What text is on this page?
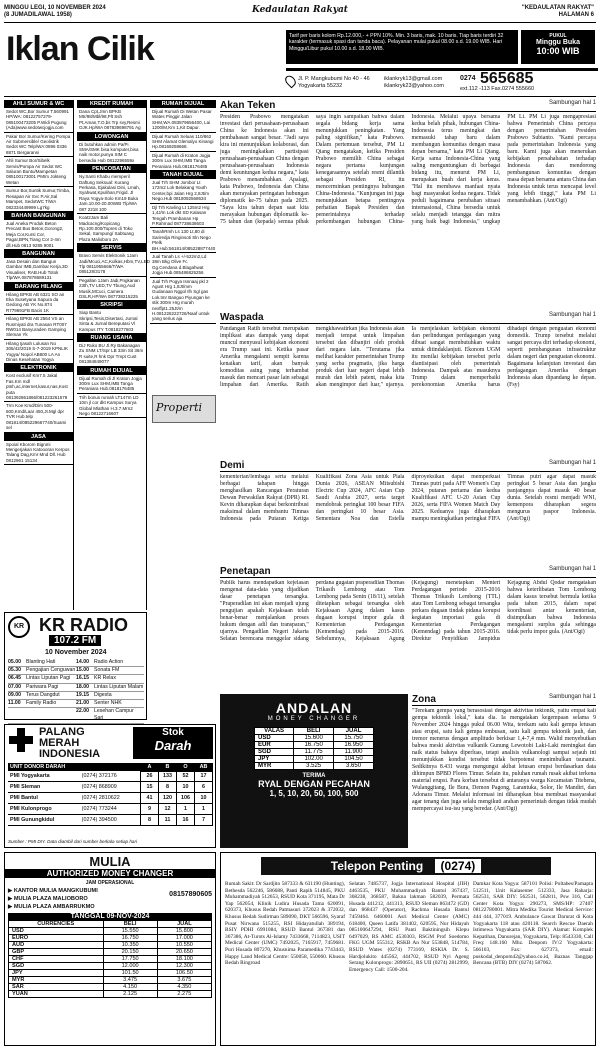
MINGGU LEGI, 10 NOVEMBER 2024
(8 JUMADILAWAL 1958)	Kedaulatan Rakyat	"KEDAULATAN RAKYAT"
HALAMAN 6
Iklan Cilik	Tarif per baris kolom Rp.12.000,- + PPN 10%. Min. 3 baris, mak. 10 baris. Tiap baris terdiri 32 karakter (termasuk spasi dan tanda baca). Pelayanan mulai pukul 08.00 s.d. 19.00 WIB. Hari Minggu/Libur pukul 10.00 s.d. 18.00 WIB.
PUKUL
Minggu Buka
10:00 WIB
Jl. P. Mangkubumi No 40 - 46
Yogyakarta 55232
iklankryk13@gmail.com
iklankryk23@yahoo.com
0274 565685
ext.112 -113 Fax.0274 555660
AHLI SUMUR & WC
Sedot WC,Bor Sumur T.560991 HP/WA: 08122757279-085100473205 P.Widi Pugung (Ada)www.sedotwcjogja.com
Pakar Bor Sumur/Kering Pompa Air Submersible/ Geolistrik Sedot WC Telp/WA:0896 0336 8871 Bergaransi
Ahli Sumur Bor/Sibelk Servis/Pompa Air Sedot WC Saluran Buntu/Mampetan 085100173001 PMIm Jokteng Wetan
Sumur Bor,Suntik Sumur,Timba, Resapan Air Svc P.Air,Sal Mampet, SedotWC T/WA 082334449999 Lg7kg
BAHAN BANGUNAN
Jual Aneka Produk Beton Precast Bus Beton,Gorong2, Meja Cor,Kursi Cor, Pagar,BPN,Tiang Cor 2-4m dll.Hub 0813 9285 9001
BANGUNAN
Jasa Desain dan Bangun Gambar IMB,Gambar Kerja,3D Visualiser, RAB.Hub Totok Tlp/WA 087878689131
BARANG HILANG
Hilang BPKB AB 6321 SO an Eka Susetyana Sapura da Gedong AB YK No.874 R779691FB Bacis 1K
Hilang BPKB AB 2564 VS an Rusmiyati dra Tunasan RT007 RW014 Banyuraden Gamping Sleman Yk
Hilang Ijasah Lulusan No 305/42/2019 S-7-2019 KPNLIK Yogya/ Nopol AB800 LA An Dinas Kesehatan Yogya
ELEKTRONIK
Kost exclusif Km7.5 Jakal Fas.Km mdl ptnh,ac,internet,kasur,nas,Kost puta 081392861866/081223261578
Trm Koe Kmd/Dim 500-600,Kmd/Laar 450,Jt.Mgl dpr TVR Hub.telp 081814/085229667740/Suami sel
JASA
Spoial Kborom Bignmi Mengerjakan Katoooran Kerpos Talang Dag,Kmr Mnd Dll. Hub 0812961 15134
KREDIT RUMAH
Dana Cpt,Jmn BPKB Mtr/98/Mbl/98,Plt Ssh Pt,Aman,T.O,bs Trp svy,Resmi OJK.Hp/WA 087839698791 Ag
LOWONGAN
Di butuhkan admin Pa/Pi SMA/SMK bisa komputer,bisa naik motor,punya SIM C bersedia Hub 0812296559x
PENCOBATAN
Ny.Santi Khabu memperil Daftung Seksual: Kurang Perkasa, Ejakulasi Dini, Lmah, Syahwat,Kpulihan,Frigid. Jl Raya Yogya-Solo Km19 Buka Jam.10.00-20.00WIB Tlp/WA 087 2218 100
Koat2Jam Bali Madcacng/Kopicang Rp.100.000/Topres di Toko Sekal, Sampung/ Sabtuang Plaza Malioboro 2A
SERVIS
Bravo Servis Elektronik 1Jam Jadi/Mcuci,AC,Kulkas,Hbm,TV,LED Tlp 0811955666/T/WA 085128/3178
Pegallan 1Jam Jadi,Pngkanan 23th,TV LED,TV Tbung,Aud Musik,MCuci, Camera DSLR,HP/WA 087738215225
SKRIPSI
Siap Bantu Skripsi,Tesis,Disertasi, Jurnal Sinta & Jurnal Bereputasi Vl Kampus ITY T.0818277603
RUANG USAHA
DiJ Ruko BU Jl.Ry Bakanagan Zu SNM LT/Spr LB 33m Sit 36m R suite,R hnk Dpr Tmpt Cust 081384849077
RUMAH DIJUAL
Dijual Rumah di Jl Kraton Jogja 300m Lux SHM,IMB Tanga Peraniara Hub.0818176485
Trih bonus rumah LT147m LD 10m jl cor dkt Kampus Surya Global Mlathan H.3.7.Mrn2 Nego 08122716607
RUMAH DIJUAL
Dijual Rumah Di Wetan Pasar Wates Pinggir Jalan SHM,WA.083879656400, Lai 1200/M,Km 1,Kit Dapur.
Dijual Rumah Seluas 110/862 SHM Alamat Glemalyo Kinangi Hp.08159258668.
Dijual Rumah di Kraton Jogja 300m Lux SHM,IMB Tanga Peraniara Hub.0818176485
TANAH DIJUAL
Jual Trh SHM Jombor Lt 172m2 Lok Belakang Youth Center,bpi Jalan Hrg 2,8Jt/m Nego.Hub 0818092568634
Djl Trh Kavling Lt 125m2 Hrg 1,4J/m Lok dkt SD Kalasan Tengah Prambanan Hp P.Rahmad 087738638603
TanahRmh Ls 130 Lt,80 di Sariredja Ringinsoti Sln Nego Ptelk BH.Hub:561814/085228877440
Jual Tanah Ls +/-522m2,Ld 38m Bkg Olive Fc Gg.Cendana d.Blagahwat Jogja Hub.085486825256
Jual Trh Pogya Isnnaaj pkl 2 Agust Hrg 1,8Jt/mm Gudanaan Nggol Ilh Sgl gas Lok.tmr Banguo Piyungan ke stik 300m Hrg murah nexffpt1.25Jt/m H.081226222726/Naaf untuk yang serius aja
Properti
KR KR RADIO
107.2 FM
10 November 2024
05.00 Blanting Hati	14.00 Radio Action
05.30 Pengajian Cenguwan 15.00 Sonata FM
06.45 Lintas Liputan Pagi	16.15 KR Relax
07.00 Pariwara Pagi	18.00 Lintas Liputan Malam
09.00 Terus Dangdut	19.15 Digesta
11.00	Family Radio	21.00 Senter NHK
22.00 Lesehan Campur Sari
PALANG
MERAH
INDONESIA
Stok
Darah
UNIT DONOR DARAH		A	B	O	AB
PMI Yogyakarta	(0274) 372176	26	133	52	17
PMI Sleman	(0274) 868909	15	8	10	6
PMI Bantul	(0274) 2810622	41	120	106	10
PMI Kulonprogo	(0274) 773244	9	12	1	1
PMI Gunungkidul	(0274) 394500	8	11	16	7
Sumber : PMI DIY. Data diambil dari sumber berkala setiap hari
MULIA
AUTHORIZED MONEY CHANGER
JAM OPERASIONAL
▶ KANTOR MULIA MANGKUBUMI
▶ MULIA PLAZA MALIOBORO
▶ MULIA PLAZA AMBARRUKMO
08157890605
TANGGAL 09-NOV-2024
CURRENCIES	BELI	JUAL
USD	15.550	15.800
EURO	16.750	17.000
AUD	10.350	10.550
GBP	20.150	20.650
CHF	17.750	18.100
SGD	12.000	12.300
JPY	101.50	106.50
MYR	3.475	3.675
SAR	4.150	4.350
YUAN	2.125	2.275
ANDALAN
MONEY CHANGER
VALAS	BELI	JUAL
USD	15.600	15.750
EUR	16.750	16.950
SGD	11.775	11.900
JPY	102.00	104.50
MYR	3.525	3.650
TERIMA
RYAL DENGAN PECAHAN
1, 5, 10, 20, 50, 100, 500
Akan Teken	Sambungan hal 1
Presiden Prabowo mengatakan investasi dari perusahaan-perusahaan China ke Indonesia akan ini pembahasan sangat besar. "Jadi saya kira ini menunjukkan kolaborasi, dan juga meningkatkan partisipasi perusahaan-perusahaan China dengan perusahaan-perusahaan Indonesia demi keuntungan kedua negara," kata Prabowo menambahkan. Apalagi, kata Prabowo, Indonesia dan China akan merayakan peringatan hubungan diplomatik ke-75 tahun pada 2025. "Saya kira tahun depan saat kita merayakan hubungan diplomatik ke-75 tahun dan (kepada) semua pihak saya ingin sampaikan bahwa dalam segala bidang kerja sama menunjukkan peningkatan. Yang paling signifikan," kata Prabowo. Dalam pertemuan tersebut, PM Li Qiang mengatakan, ketika Presiden Prabowo memilih China sebagai negara pertama kunjungan kenegaraannya setelah resmi dilantik sebagai Presiden RI, itu mencerminkan pentingnya hubungan China-Indonesia. "Kunjungan ini juga menunjukkan betapa pentingnya perhatian Bapak Presiden dan pemerintahnya terhadap perkembangan hubungan China-Indonesia. Melalui upaya bersama kedua belah pihak, hubungan China-Indonesia terus meningkat dan memasuki tahap baru dalam membangun komunitas dengan masa depan bersama," kata PM Li Qiang. Kerja sama Indonesia-China yang saling menguntungkan di berbagai bidang itu, menurut PM Li, merupakan buah dari kerja keras. "Hal itu membawa manfaat nyata bagi masyarakat kedua negara. Tidak peduli bagaimana perubahan situasi internasional, China bersedia untuk selalu menjadi tetangga dan mitra yang baik bagi Indonesia," ungkap PM Li. PM Li juga mengapresiasi bahwa Pemerintah China percaya dengan pemerintahan Presiden Prabowo Subianto. "Kami percaya pada pemerintahan Indonesia yang baru. Kami juga akan menerukan kebijakan persahabatan terhadap Indonesia dan mendorong pembangunan komunitas dengan masa depan bersama antara China dan Indonesia untuk terus mencapai level yang lebih tinggi," kata PM Li menambahkan. (Ant/Ogi)
Waspada	Sambungan hal 1
Pandangan Ratih tersebut merupakan implikasi atas dampak yang dapat muncul menyusul kebijakan ekonomi era Trump saat ini. Ketika pasar Amerika mengalami sempit karena kenaikan tarif, akan banyak komoditas asing yang terhambat masuk dan mencari pasar lain sebagai limpahan dari Amerika. Ratih mengkhawatirkan jika Indonesia akan menjadi tempat untuk limpahan tersebut dan dibanjiri oleh produk dari negara lain. "Terutama jika melihat karakter pemerintahan Trump yang serba pragmatis, jika harga produk dari luar negeri dapat lebih murah dan lebih patent, maka kita akan mengimpor dari luar," ujarnya. Ia menjelaskan kebijakan ekonomi dan perlindungan perdagangan yang dibuat sangat membutuhkan waktu untuk ditindaklanjuti. Ekonom UGM itu menilai kebijakan tersebut perlu diantisipasi oleh pemerintah Indonesia. Dampak atas masuknya Trump dalam memperbaiki perekonomian Amerika harus dihadapi dengan penguatan ekonomi domestik. Trump tersebut melalui sangat percaya diri terhadap ekonomi, seperti pembangunan infrastruktur dalam negeri dan penguatan ekonomi. Bagaimana kelanjutan investasi dan perdagangan Amerika dengan Indonesia akan dipandang ke depan. (Fsy)
Demi	Sambungan hal 1
kementerian/lembaga serta melalui berbagai tahapan hingga menghasilkan Rancangan Peraturan Dewan Perwakilan Rakyat (DPR) RI. Kevin diharapkan dapat berkontribusi maksimal dalam membantu Timnas Indonesia pada Putaran Ketiga Kualifikasi Zona Asia untuk Piala Dunia 2026, ASEAN Mitsubishi Electric Cup 2024, AFC Asian Cup Saudi Arabia 2027, serta target mendobrak peringkat 100 besar FIFA dan peringkat 10 besar Asia. Sementara Noa dan Estella diproyeksikan dapat memperkuat Timnas putri pada AFF Women's Cup 2024, putaran pertama dan kedua Kualifikasi AFC U-20 Asian Cup 2026, serta FIFA Women Match Day 2025. Keduanya juga diharapkan mampu meningkatkan peringkat FIFA Timnas putri agar dapat masuk peringkat 5 besar Asia dan jangka panjangnya dapat masuk 40 besar dunia. Setelah resmi menjadi WNI, kemenpora diharapkan segera mengurus paspor Indonesia. (Ant/Ogi)
Penetapan	Sambungan hal 1
Publik harus mendapatkan kejelasan mengenai data-data yang dijadikan dasar penetapan tersangka. "Praperadilan ini akan menjadi ujung pengujian apakah Kejaksaan telah benar-benar menjalankan proses hukum dengan adil dan transparan," ujarnya. Pengadilan Negeri Jakarta Selatan berencana menggelar sidang perdana gugatan praperadilan Thomas Trikasih Lembong atau Tom Lembong pada Senin (18/11), setelah ditetapkan sebagai tersangka oleh Kejaksaan Agung dalam kasus dugaan korupsi impor gula di Kementerian Perdagangan (Kemendag) pada 2015-2016. Sebelumnya, Kejaksaan Agung (Kejagung) menetapkan Menteri Perdagangan periode 2015-2016 Thomas Trikasih Lembong (TTL) atau Tom Lembong sebagai tersangka perkara dugaan tindak pidana korupsi kegiatan importasi gula di Kementerian Perdagangan (Kemendag) pada tahun 2015-2016. Direktur Penyidikan Jampidus Kejagung Abdul Qodar mengatakan bahwa keterlibatan Tom Lembong dalam kasus tersebut bermula ketika pada tahun 2015, dalam rapat koordinasi antar kementerian, disimpulkan bahwa Indonesia mengalami surplus gula sehingga tidak perlu impor gula. (Ant/Ogi)
Zona	Sambungan hal 1
"Terekam gempa yang berasosiasi dengan aktivitas tektonik, yaitu empat kali gempa tektonik lokal," kata dia. Ia mengatakan kegempaan selama 9 November 2024 hingga pukul 06.00 Wita, terekam satu kali gempa letusan atau erupsi, satu kali gempa embusan, satu kali gempa tektonik jauh, dan tremor menerus dengan amplitudo berkisar 1,4-7,4 mm. Walid menyebutkan bahwa meski aktivitas vulkanik Gunung Lewotobi Laki-Laki meningkat dan naik status bahaya diperluas, tetapi analisis vulkanologi sampai sejauh ini menunjukkan kondisi tersebut tidak berpotensi menimbulkan tsunami. Sedikitnya 8.431 warga mengungsi akibat letusan erupsi berdasarkan data dihimpun BPBD Flores Timur. Selain itu, puluhan rumah rusak akibat terkena material erupsi. Para korban tersebut di antaranya warga Kecamatan Titehena, Wulanggitang, Ile Bura, Demon Pagong, Larantuka, Solor, Ile Mandiri, dan Adonara Timur. Melalui informasi ini diharapkan bisa membuat masyarakat agar tenang dan juga selalu mengikuti arahan pemerintah dengan tidak mudah mempercayai isu-isu yang beredar. (Ant/Ogi)
Telepon Penting (0274)
Rumah Sakit: Dr Sardjito 587333 & 631190 (Hunting), Bethesda 562246, 586688, Panti Rapih 514845, PKU Muhammadiyah 512653, RSUD Kota 371195, Mata Dr Yap 562054, Klinik Ludira Husada Tama 620091, 620373, Khusus Bedah Patmasuri 372023 & 372032, Khusus Bedah Sudirman 589090, DKT 566596, Syaraf Pusat Nirwana 515255, RSI Hidayatullah 389194, RSIY PDHI 6991084, RSUD Bantul 367381 dan 367386, At-Turots Al-Islamy 7433668, 7114823, USIT Medical Center (UMC) 7492025, 7165917, 7459681. Puri Husada 807270, Khusnima Paramedika 7743443, Happy Land Medical Centre: 550058, 550060. Khusus Bedah Ringroad
Selatan 7485737, Jogja International Hospital (JIH) 4463535, PKU Muhammadiyah Bantul 367437, 368238, 368587, Bakna lakman 582039, Permata Husada 441212, 441313, RSUD Sleman 863472 (GD) dan 868437 (Operator), Rachma Husada Bantul 7459464. 6460001 Asri Medical Center (AMC) 618400, Queen Latifa 381402, 620595, Nur Hidayah 085100647294, RSU Panti Baktiningsih Klepu 6497029, RS AMC 4530303, RSGM Prof Soedomo FKG UGM 555312, RSKB An Nur 553848, 514784, RSUD Wates (0274) 773169, RSKIA Dr. S. Hardjolukito 445562, 444702, RSUD Nyi Ageng Serang Kulonprogo: 2890651, RS UII (0274) 2812999, Emergency Call: 1500-204.
Damkar Kota Yogya: 587101 Polisi: Poltabes/Pamapta 512511, Unit Kalasenter 512333, Jasa Raharja: 562531, SAR DIY: 562531, 562811, Psw 316, Call Center Kota Yogya: 290273, SMS/HP: 27407 08122780001. Mitra Medika Tourist Medical Service: 444 444, 377019. Ambulance Gawat Darurat di Kota Yogyakarta 118 atau 420118. Search Rescue Daerah Istimewa Yogyakarta (SAR DIY). Alamat: Komplek Kepatihan, Danurejan, Yogyakarta, Telp: 8543330, Call Freq: 148.160 Mhz. Denpom IV/2 Yogyakarta: 566103, Fax: 627373, email: puskodal_denpom42@yahoo.co.id, Baznas Tanggap Bencana (BTB) DIY (0274) 587062.
